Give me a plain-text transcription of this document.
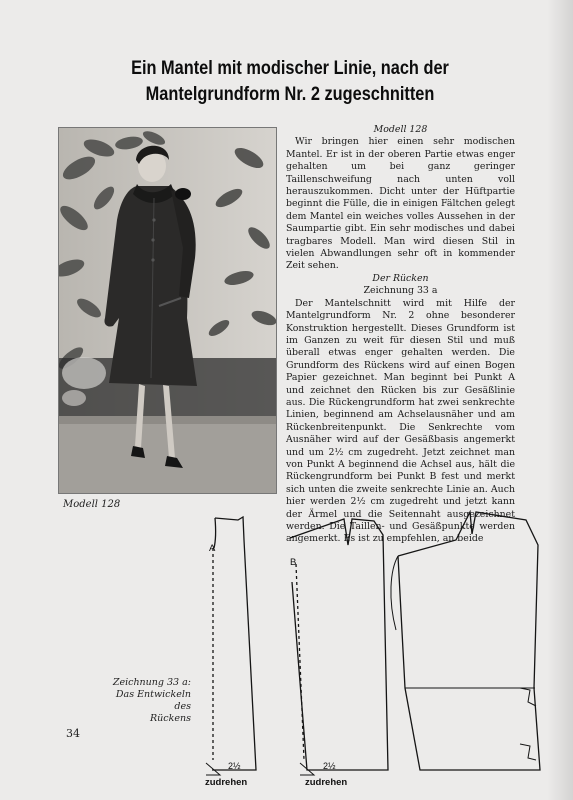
Ein Mantel mit modischer Linie, nach der Mantelgrundform Nr. 2 zugeschnitten
Modell 128

Modell 128

Wir bringen hier einen sehr modischen Mantel. Er ist in der oberen Partie etwas enger gehalten um bei ganz geringer Taillenschweifung nach unten voll herauszukommen. Dicht unter der Hüftpartie beginnt die Fülle, die in einigen Fältchen gelegt dem Mantel ein weiches volles Aussehen in der Saumpartie gibt. Ein sehr modisches und dabei tragbares Modell. Man wird diesen Stil in vielen Abwandlungen sehr oft in kommender Zeit sehen.

Der Rücken

Zeichnung 33 a

Der Mantelschnitt wird mit Hilfe der Mantelgrundform Nr. 2 ohne besonderer Konstruktion hergestellt. Dieses Grundform ist im Ganzen zu weit für diesen Stil und muß überall etwas enger gehalten werden. Die Grundform des Rückens wird auf einen Bogen Papier gezeichnet. Man beginnt bei Punkt A und zeichnet den Rücken bis zur Gesäßlinie aus. Die Rückengrundform hat zwei senkrechte Linien, beginnend am Achselausnäher und am Rückenbreitenpunkt. Die Senkrechte vom Ausnäher wird auf der Gesäßbasis angemerkt und um 2½ cm zugedreht. Jetzt zeichnet man von Punkt A beginnend die Achsel aus, hält die Rückengrundform bei Punkt B fest und merkt sich unten die zweite senkrechte Linie an. Auch hier werden 2½ cm zugedreht und jetzt kann der Ärmel und die Seitennaht ausgezeichnet werden. Die Taillen- und Gesäßpunkte werden angemerkt. Es ist zu empfehlen, an beide

A
B
2½	2½
zudrehen	zudrehen
Zeichnung 33 a:
Das Entwickeln des
Rückens
34
